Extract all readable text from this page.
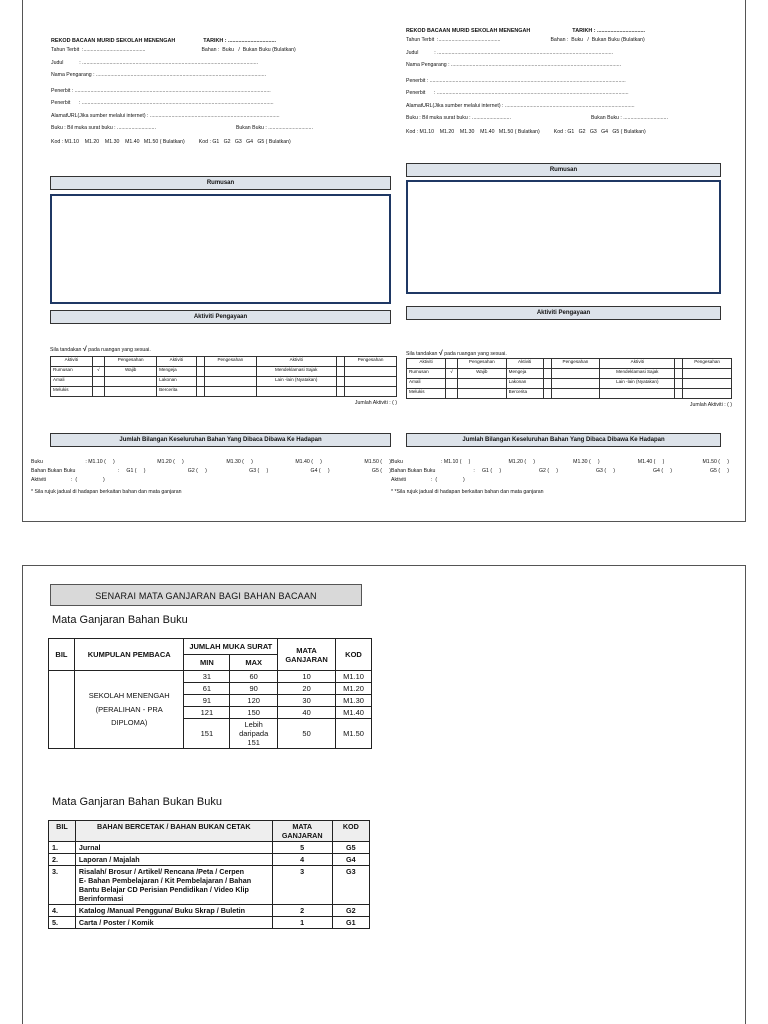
REKOD BACAAN MURID SEKOLAH MENENGAH	TARIKH : ................................
Tahun Terbit  :...........................................	Bahan :  Buku   /  Bukan Buku (Bulatkan)
Judul           : ..........................................................................................................................
Nama Pengarang : ......................................................................................................................
Penerbit : ........................................................................................................................................
Penerbit      : .....................................................................................................................................
AlamatURL(Jika sumber melalui internet) : ..........................................................................................
Buku : Bil muka surat buku : ...........................	Bukan Buku : ...............................
Kod : M1.10    M1.20    M1.30    M1.40   M1.50 ( Bulatkan)	Kod : G1   G2   G3   G4   G5 ( Bulatkan)
Rumusan
Aktiviti Pengayaan
Sila tandakan √ pada ruangan yang sesuai.
Aktiviti		Pengesahan	Aktiviti		Pengesahan	Aktiviti		Pengesahan
Rumusan	√	Wajib	Mengeja			Mendeklamasi Sajak		
Amali			Lakonan			Lain -lain (Nyatakan)		
Melukis			Bercerita					
Jumlah Aktiviti : ( )
Jumlah Bilangan Keseluruhan Bahan Yang Dibaca Dibawa Ke Hadapan
Buku	: M1.10 (     )	M1.20 (     )	M1.30 (     )	M1.40 (     )	M1.50 (     )
Bahan Bukan Buku	:     G1 (     )	G2 (     )	G3 (     )	G4 (     )	G5 (     )
Aktiviti	:  (                  )
* Sila rujuk jadual di hadapan berkaitan bahan dan mata ganjaran
REKOD BACAAN MURID SEKOLAH MENENGAH	TARIKH : ................................
Tahun Terbit  :...........................................	Bahan :  Buku   /  Bukan Buku (Bulatkan)
Judul           : ..........................................................................................................................
Nama Pengarang : ......................................................................................................................
Penerbit : ........................................................................................................................................
Penerbit      : .....................................................................................................................................
AlamatURL(Jika sumber melalui internet) : ..........................................................................................
Buku : Bil muka surat buku : ...........................	Bukan Buku : ...............................
Kod : M1.10    M1.20    M1.30    M1.40   M1.50 ( Bulatkan)	Kod : G1   G2   G3   G4   G5 ( Bulatkan)
Rumusan
Aktiviti Pengayaan
Sila tandakan √ pada ruangan yang sesuai.
Aktiviti		Pengesahan	Aktiviti		Pengesahan	Aktiviti		Pengesahan
Rumusan	√	Wajib	Mengeja			Mendeklamasi Sajak		
Amali			Lakonan			Lain -lain (Nyatakan)		
Melukis			Bercerita					
Jumlah Aktiviti : ( )
Jumlah Bilangan Keseluruhan Bahan Yang Dibaca Dibawa Ke Hadapan
Buku	: M1.10 (     )	M1.20 (     )	M1.30 (     )	M1.40 (     )	M1.50 (     )
Bahan Bukan Buku	:     G1 (     )	G2 (     )	G3 (     )	G4 (     )	G5 (     )
Aktiviti	:  (                  )
* *Sila rujuk jadual di hadapan berkaitan bahan dan mata ganjaran
SENARAI MATA GANJARAN BAGI BAHAN BACAAN
Mata Ganjaran Bahan Buku
BIL	KUMPULAN PEMBACA	JUMLAH MUKA SURAT		MATA GANJARAN	KOD
		MIN	MAX		
	SEKOLAH MENENGAH (PERALIHAN - PRA DIPLOMA)	31	60	10	M1.10
		61	90	20	M1.20
		91	120	30	M1.30
		121	150	40	M1.40
		151	Lebih daripada 151	50	M1.50
Mata Ganjaran Bahan Bukan Buku
BIL	BAHAN BERCETAK / BAHAN BUKAN CETAK	MATA GANJARAN	KOD
1.	Jurnal	5	G5
2.	Laporan / Majalah	4	G4
3.	Risalah/ Brosur / Artikel/ Rencana /Peta / Cerpen
E- Bahan Pembelajaran / Kit Pembelajaran / Bahan Bantu Belajar CD Perisian Pendidikan / Video Klip Berinformasi	3	G3
4.	Katalog /Manual Pengguna/ Buku Skrap / Buletin	2	G2
5.	Carta / Poster / Komik	1	G1
